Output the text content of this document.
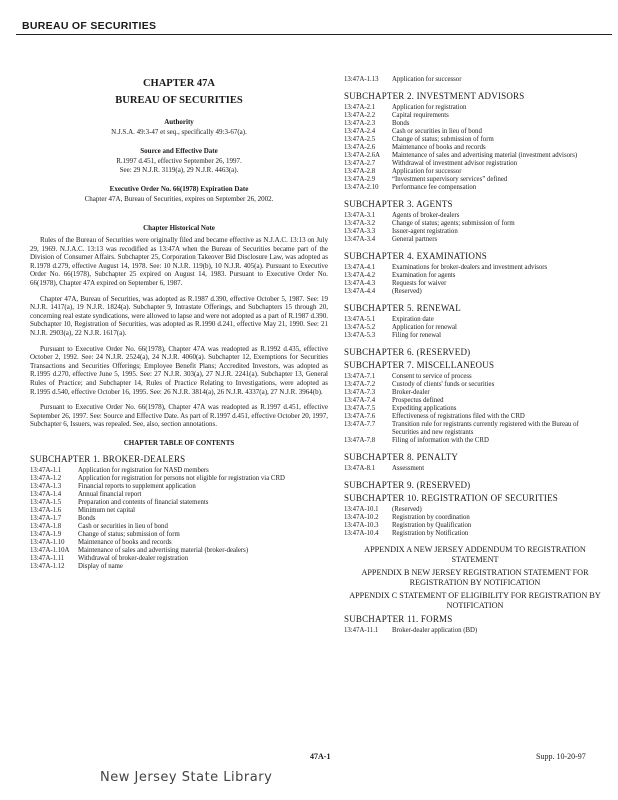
BUREAU OF SECURITIES
CHAPTER 47A
BUREAU OF SECURITIES
Authority

N.J.S.A. 49:3-47 et seq., specifically 49:3-67(a).

Source and Effective Date

R.1997 d.451, effective September 26, 1997.

See: 29 N.J.R. 3119(a), 29 N.J.R. 4463(a).

Executive Order No. 66(1978) Expiration Date

Chapter 47A, Bureau of Securities, expires on September 26, 2002.

Chapter Historical Note

Rules of the Bureau of Securities were originally filed and became effective as N.J.A.C. 13:13 on July 29, 1969. N.J.A.C. 13:13 was recodified as 13:47A when the Bureau of Securities became part of the Division of Consumer Affairs. Subchapter 25, Corporation Takeover Bid Disclosure Law, was adopted as R.1978 d.279, effective August 14, 1978. See: 10 N.J.R. 119(b), 10 N.J.R. 405(a). Pursuant to Executive Order No. 66(1978), Subchapter 25 expired on August 14, 1983. Pursuant to Executive Order No. 66(1978), Chapter 47A expired on September 6, 1987.

Chapter 47A, Bureau of Securities, was adopted as R.1987 d.390, effective October 5, 1987. See: 19 N.J.R. 1417(a), 19 N.J.R. 1824(a). Subchapter 9, Intrastate Offerings, and Subchapters 15 through 20, concerning real estate syndications, were allowed to lapse and were not adopted as a part of R.1987 d.390. Subchapter 10, Registration of Securities, was adopted as R.1990 d.241, effective May 21, 1990. See: 21 N.J.R. 2903(a), 22 N.J.R. 1617(a).

Pursuant to Executive Order No. 66(1978), Chapter 47A was readopted as R.1992 d.435, effective October 2, 1992. See: 24 N.J.R. 2524(a), 24 N.J.R. 4060(a). Subchapter 12, Exemptions for Securities Transactions and Securities Offerings; Employee Benefit Plans; Accredited Investors, was adopted as R.1995 d.270, effective June 5, 1995. See: 27 N.J.R. 303(a), 27 N.J.R. 2241(a). Subchapter 13, General Rules of Practice; and Subchapter 14, Rules of Practice Relating to Investigations, were adopted as R.1995 d.540, effective October 16, 1995. See: 26 N.J.R. 3814(a), 26 N.J.R. 4337(a), 27 N.J.R. 3964(b).

Pursuant to Executive Order No. 66(1978), Chapter 47A was readopted as R.1997 d.451, effective September 26, 1997. See: Source and Effective Date. As part of R.1997 d.451, effective October 20, 1997, Subchapter 6, Issuers, was repealed. See, also, section annotations.

CHAPTER TABLE OF CONTENTS
SUBCHAPTER 1. BROKER-DEALERS
13:47A-1.1	Application for registration for NASD members
13:47A-1.2	Application for registration for persons not eligible for registration via CRD
13:47A-1.3	Financial reports to supplement application
13:47A-1.4	Annual financial report
13:47A-1.5	Preparation and contents of financial statements
13:47A-1.6	Minimum net capital
13:47A-1.7	Bonds
13:47A-1.8	Cash or securities in lieu of bond
13:47A-1.9	Change of status; submission of form
13:47A-1.10	Maintenance of books and records
13:47A-1.10A	Maintenance of sales and advertising material (broker-dealers)
13:47A-1.11	Withdrawal of broker-dealer registration
13:47A-1.12	Display of name
13:47A-1.13	Application for successor
SUBCHAPTER 2. INVESTMENT ADVISORS
13:47A-2.1	Application for registration
13:47A-2.2	Capital requirements
13:47A-2.3	Bonds
13:47A-2.4	Cash or securities in lieu of bond
13:47A-2.5	Change of status; submission of form
13:47A-2.6	Maintenance of books and records
13:47A-2.6A	Maintenance of sales and advertising material (investment advisors)
13:47A-2.7	Withdrawal of investment advisor registration
13:47A-2.8	Application for successor
13:47A-2.9	“Investment supervisory services” defined
13:47A-2.10	Performance fee compensation
SUBCHAPTER 3. AGENTS
13:47A-3.1	Agents of broker-dealers
13:47A-3.2	Change of status; agents; submission of form
13:47A-3.3	Issuer-agent registration
13:47A-3.4	General partners
SUBCHAPTER 4. EXAMINATIONS
13:47A-4.1	Examinations for broker-dealers and investment advisors
13:47A-4.2	Examination for agents
13:47A-4.3	Requests for waiver
13:47A-4.4	(Reserved)
SUBCHAPTER 5. RENEWAL
13:47A-5.1	Expiration date
13:47A-5.2	Application for renewal
13:47A-5.3	Filing for renewal
SUBCHAPTER 6. (RESERVED)
SUBCHAPTER 7. MISCELLANEOUS
13:47A-7.1	Consent to service of process
13:47A-7.2	Custody of clients' funds or securities
13:47A-7.3	Broker-dealer
13:47A-7.4	Prospectus defined
13:47A-7.5	Expediting applications
13:47A-7.6	Effectiveness of registrations filed with the CRD
13:47A-7.7	Transition rule for registrants currently registered with the Bureau of Securities and new registrants
13:47A-7.8	Filing of information with the CRD
SUBCHAPTER 8. PENALTY
13:47A-8.1	Assessment
SUBCHAPTER 9. (RESERVED)
SUBCHAPTER 10. REGISTRATION OF SECURITIES
13:47A-10.1	(Reserved)
13:47A-10.2	Registration by coordination
13:47A-10.3	Registration by Qualification
13:47A-10.4	Registration by Notification
APPENDIX A NEW JERSEY ADDENDUM TO REGISTRATION STATEMENT
APPENDIX B NEW JERSEY REGISTRATION STATEMENT FOR REGISTRATION BY NOTIFICATION
APPENDIX C STATEMENT OF ELIGIBILITY FOR REGISTRATION BY NOTIFICATION
SUBCHAPTER 11. FORMS
13:47A-11.1	Broker-dealer application (BD)
47A-1	Supp. 10-20-97
New Jersey State Library
